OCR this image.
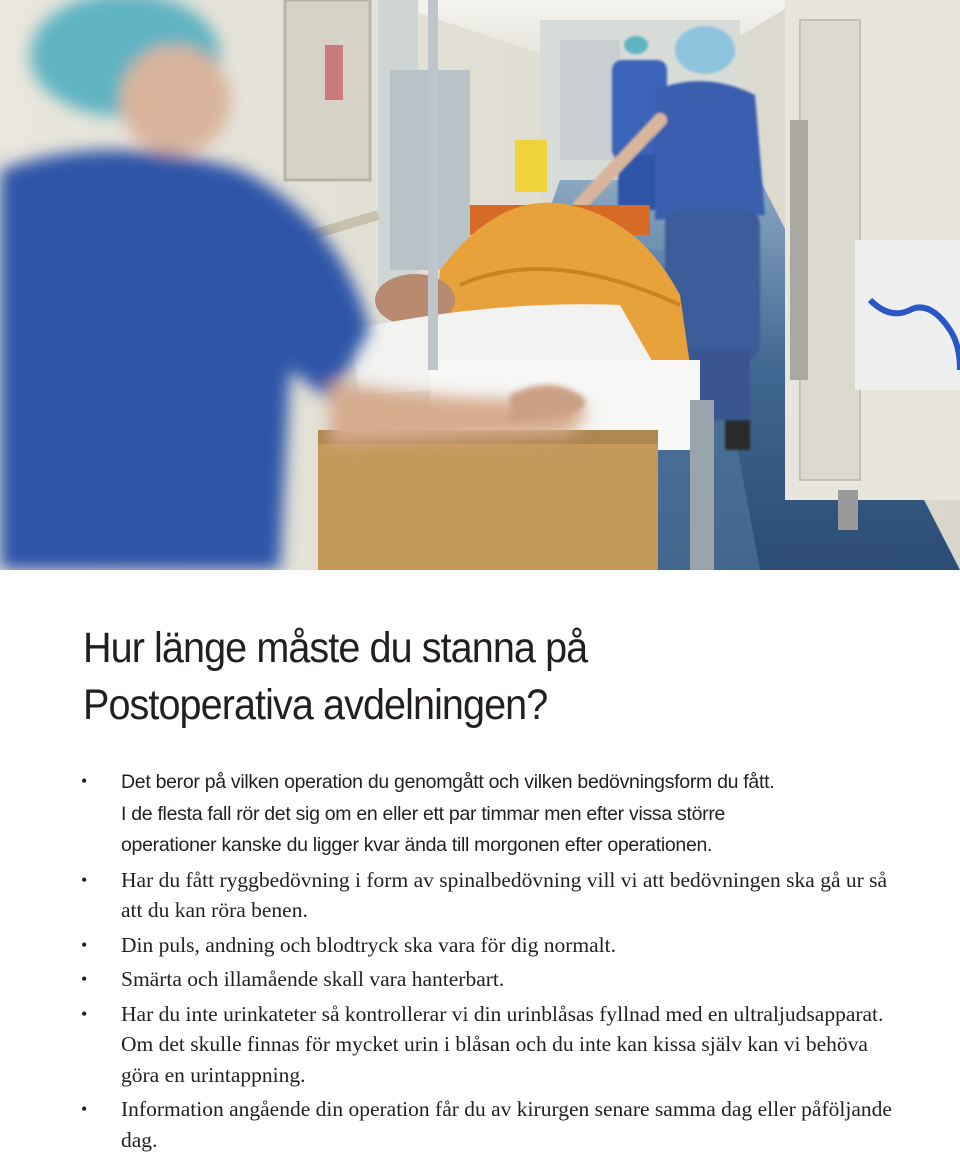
Hur länge måste du stanna på
Postoperativa avdelningen?
• Det beror på vilken operation du genomgått och vilken bedövningsform du fått.
I de flesta fall rör det sig om en eller ett par timmar men efter vissa större
operationer kanske du ligger kvar ända till morgonen efter operationen.
• Har du fått ryggbedövning i form av spinalbedövning vill vi att bedövningen ska gå ur så att du kan röra benen.
• Din puls, andning och blodtryck ska vara för dig normalt.
• Smärta och illamående skall vara hanterbart.
• Har du inte urinkateter så kontrollerar vi din urinblåsas fyllnad med en ultraljudsapparat. Om det skulle finnas för mycket urin i blåsan och du inte kan kissa själv kan vi behöva göra en urintappning.
• Information angående din operation får du av kirurgen senare samma dag eller påföljande dag.
